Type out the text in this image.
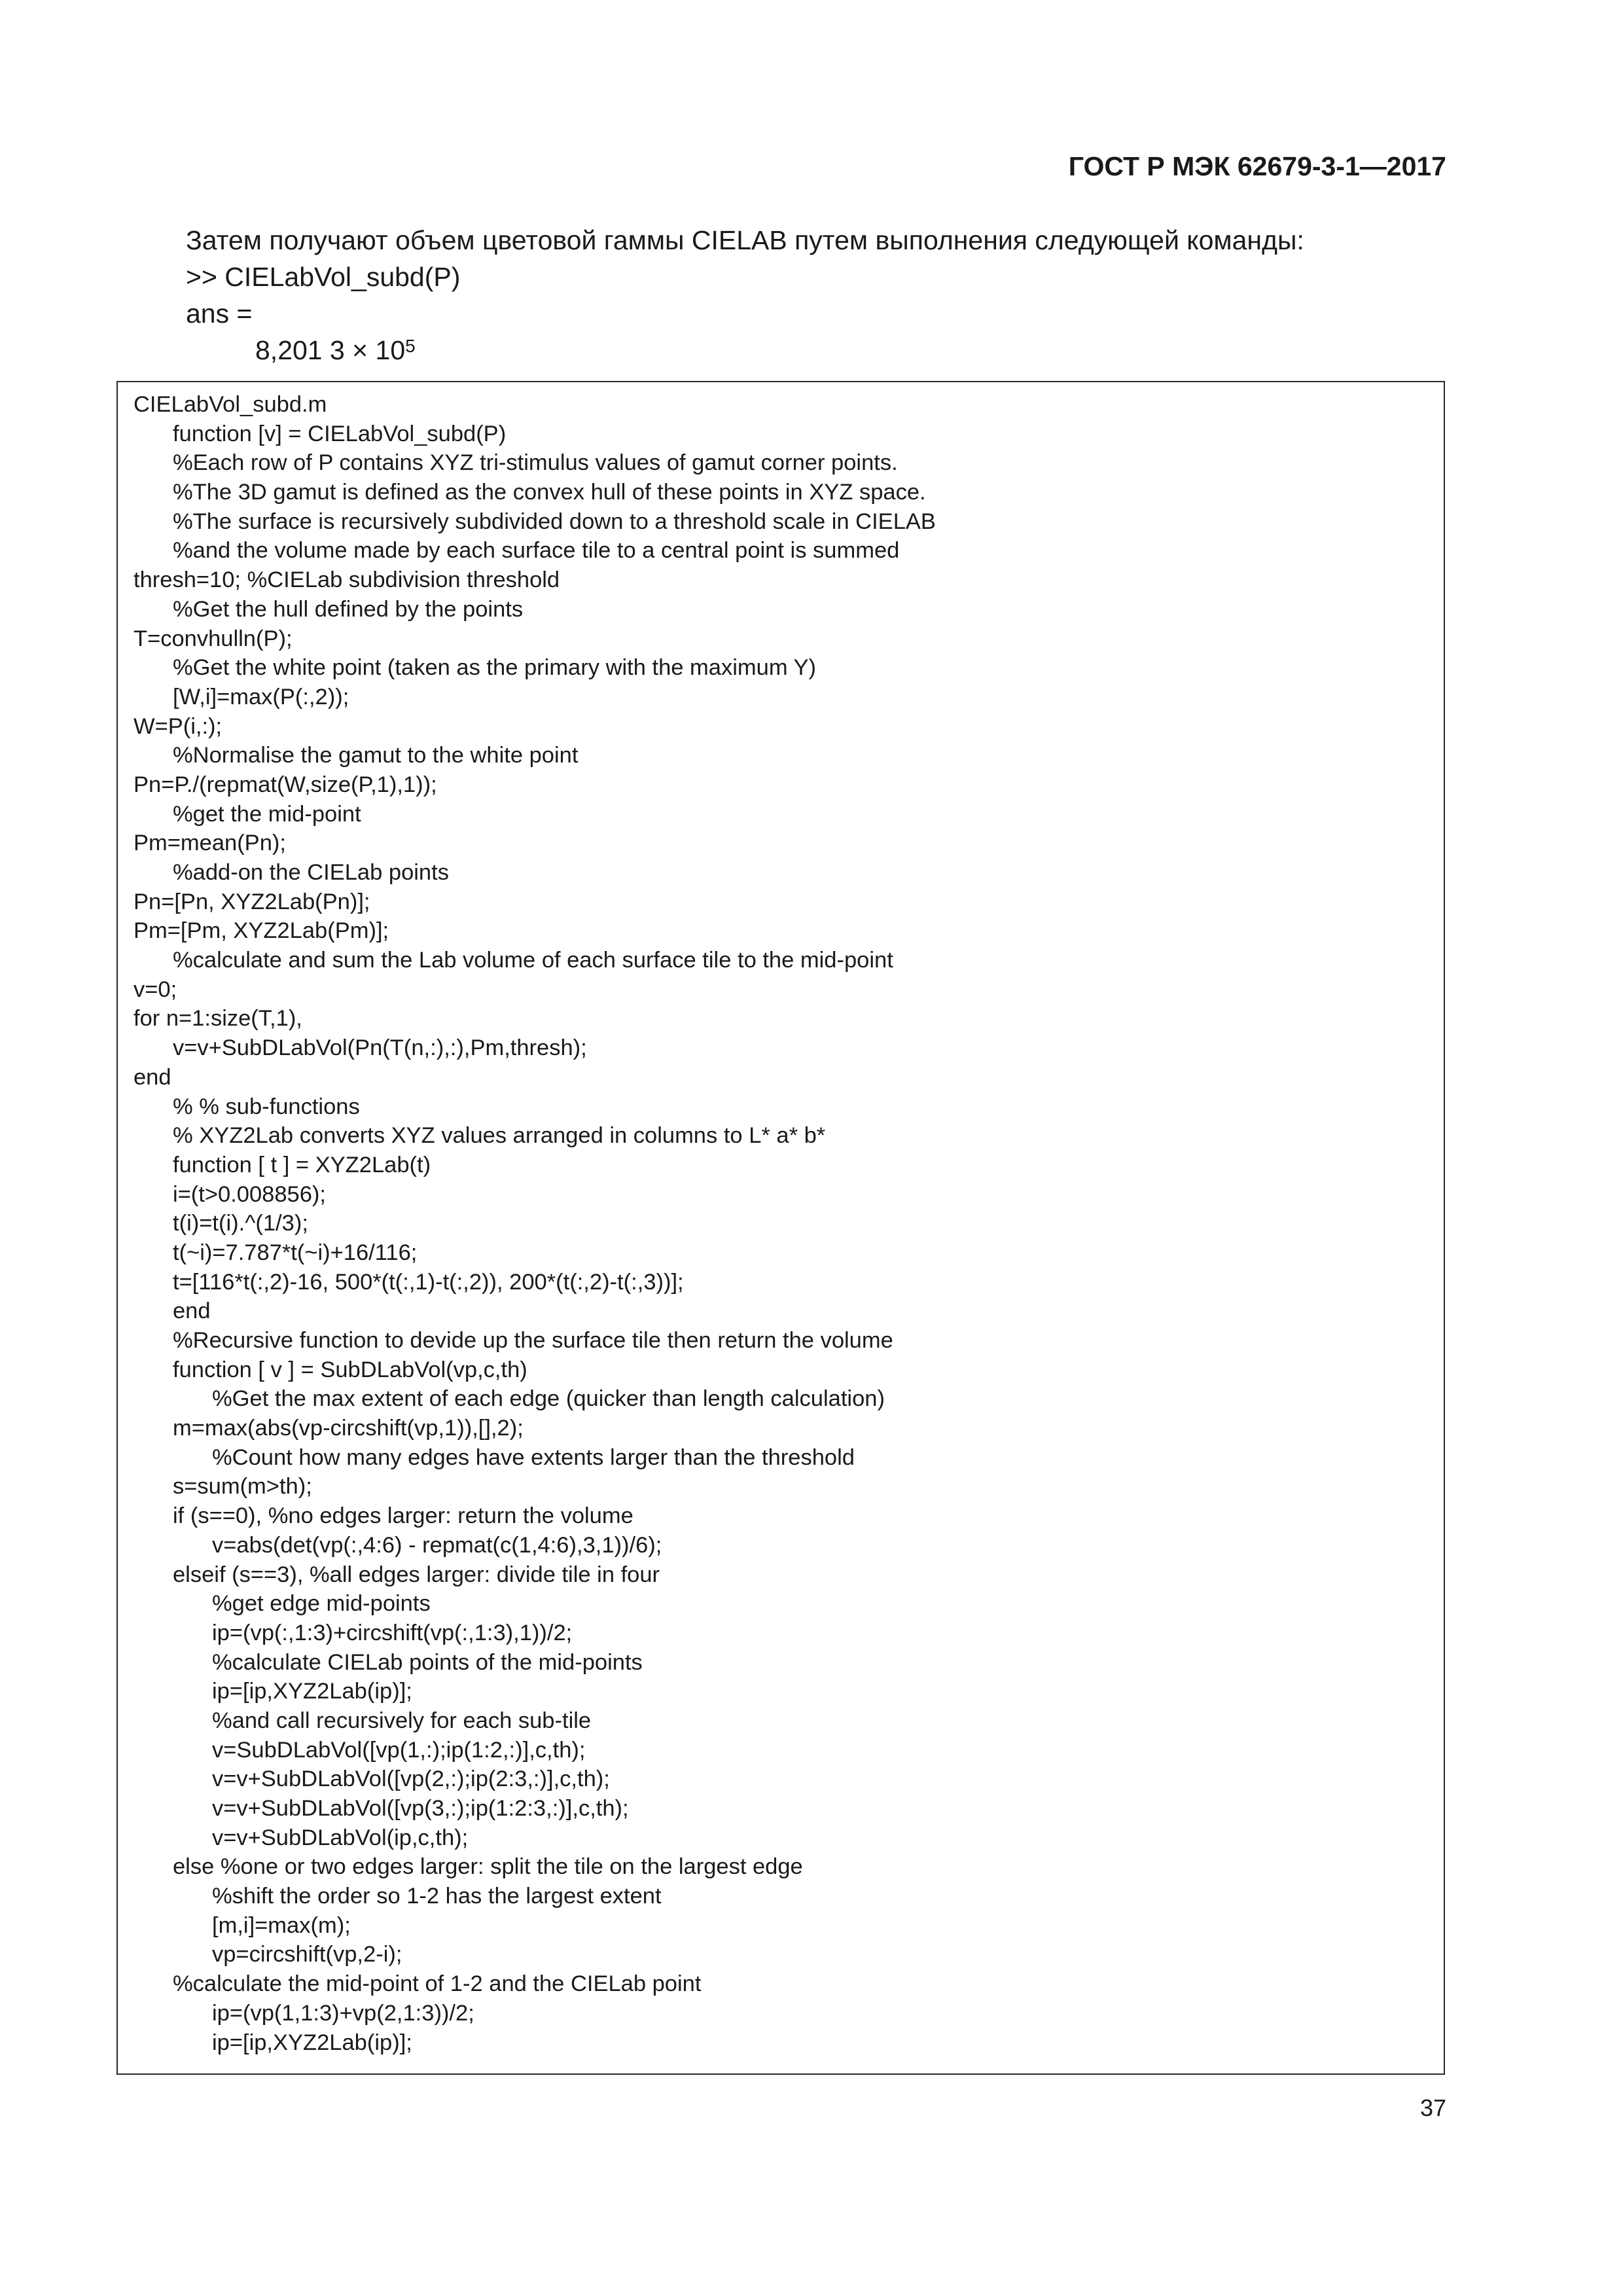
ГОСТ Р МЭК 62679-3-1—2017
Затем получают объем цветовой гаммы CIELAB путем выполнения следующей команды:
>> CIELabVol_subd(P)
ans =
8,201 $3 \times 10^5$
CIELabVol_subd.m
function [v] = CIELabVol_subd(P)
%Each row of P contains XYZ tri-stimulus values of gamut corner points.
%The 3D gamut is defined as the convex hull of these points in XYZ space.
%The surface is recursively subdivided down to a threshold scale in CIELAB
%and the volume made by each surface tile to a central point is summed
thresh=10; %CIELab subdivision threshold
%Get the hull defined by the points
T=convhulln(P);
%Get the white point (taken as the primary with the maximum Y)
[W,i]=max(P(:,2));
W=P(i,:);
%Normalise the gamut to the white point
Pn=P./(repmat(W,size(P,1),1));
%get the mid-point
Pm=mean(Pn);
%add-on the CIELab points
Pn=[Pn, XYZ2Lab(Pn)];
Pm=[Pm, XYZ2Lab(Pm)];
%calculate and sum the Lab volume of each surface tile to the mid-point
v=0;
for n=1:size(T,1),
v=v+SubDLabVol(Pn(T(n,:),:),Pm,thresh);
end
% % sub-functions
% XYZ2Lab converts XYZ values arranged in columns to L* a* b*
function [ t ] = XYZ2Lab(t)
i=(t>0.008856);
t(i)=t(i).^(1/3);
t(~i)=7.787*t(~i)+16/116;
t=[116*t(:,2)-16, 500*(t(:,1)-t(:,2)), 200*(t(:,2)-t(:,3))];
end
%Recursive function to devide up the surface tile then return the volume
function [ v ] = SubDLabVol(vp,c,th)
%Get the max extent of each edge (quicker than length calculation)
m=max(abs(vp-circshift(vp,1)),[],2);
%Count how many edges have extents larger than the threshold
s=sum(m>th);
if (s==0), %no edges larger: return the volume
v=abs(det(vp(:,4:6) - repmat(c(1,4:6),3,1))/6);
elseif (s==3), %all edges larger: divide tile in four
%get edge mid-points
ip=(vp(:,1:3)+circshift(vp(:,1:3),1))/2;
%calculate CIELab points of the mid-points
ip=[ip,XYZ2Lab(ip)];
%and call recursively for each sub-tile
v=SubDLabVol([vp(1,:);ip(1:2,:)],c,th);
v=v+SubDLabVol([vp(2,:);ip(2:3,:)],c,th);
v=v+SubDLabVol([vp(3,:);ip(1:2:3,:)],c,th);
v=v+SubDLabVol(ip,c,th);
else %one or two edges larger: split the tile on the largest edge
%shift the order so 1-2 has the largest extent
[m,i]=max(m);
vp=circshift(vp,2-i);
%calculate the mid-point of 1-2 and the CIELab point
ip=(vp(1,1:3)+vp(2,1:3))/2;
ip=[ip,XYZ2Lab(ip)];
37
